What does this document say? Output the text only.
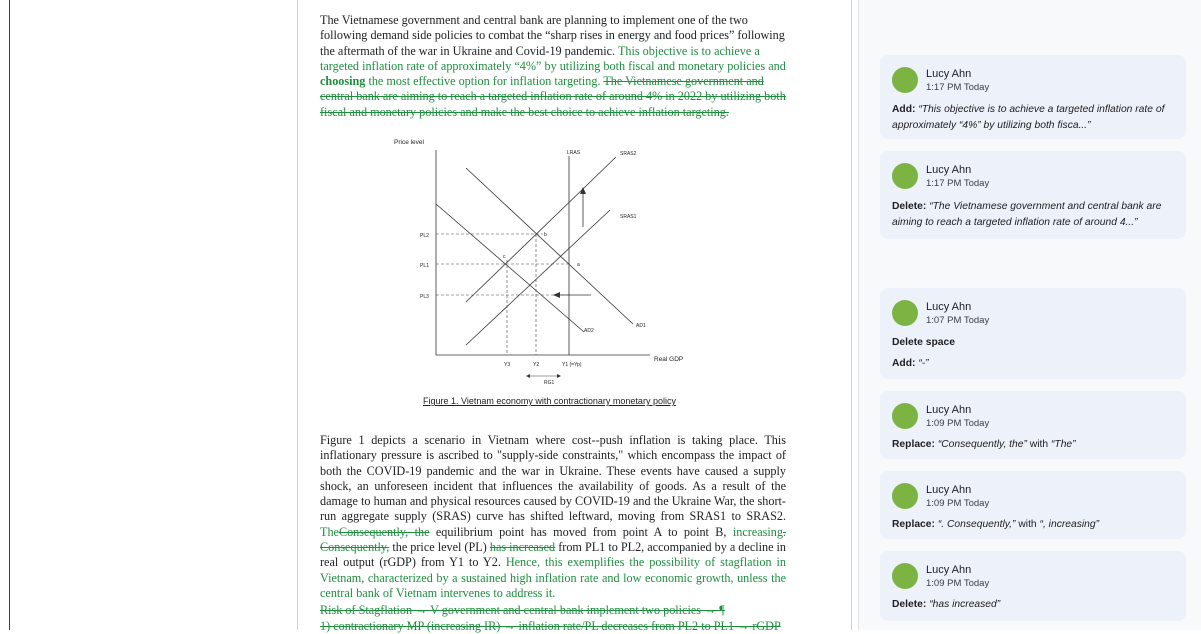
The Vietnamese government and central bank are planning to implement one of the two following demand side policies to combat the “sharp rises in energy and food prices” following the aftermath of the war in Ukraine and Covid-19 pandemic. This objective is to achieve a targeted inflation rate of approximately “4%” by utilizing both fiscal and monetary policies and choosing the most effective option for inflation targeting. The Vietnamese government and central bank are aiming to reach a targeted inflation rate of around 4% in 2022 by utilizing both fiscal and monetary policies and make the best choice to achieve inflation targeting.
Price level
Real GDP
LRAS	SRAS2
SRAS1
AD1
AD2
PL2
PL1
PL3
a
b
c
Y3	Y2	Y1 (=Yp)
RG1
Figure 1. Vietnam economy with contractionary monetary policy
Figure 1 depicts a scenario in Vietnam where cost--push inflation is taking place. This inflationary pressure is ascribed to "supply-side constraints," which encompass the impact of both the COVID-19 pandemic and the war in Ukraine. These events have caused a supply shock, an unforeseen incident that influences the availability of goods. As a result of the damage to human and physical resources caused by COVID-19 and the Ukraine War, the short-run aggregate supply (SRAS) curve has shifted leftward, moving from SRAS1 to SRAS2. TheConsequently, the equilibrium point has moved from point A to point B, increasing. Consequently, the price level (PL) has increased from PL1 to PL2, accompanied by a decline in real output (rGDP) from Y1 to Y2. Hence, this exemplifies the possibility of stagflation in Vietnam, characterized by a sustained high inflation rate and low economic growth, unless the central bank of Vietnam intervenes to address it.
Risk of Stagflation → V government and central bank implement two policies → ¶
1) contractionary MP (increasing IR) → inflation rate/PL decreases from PL2 to PL1 → rGDP
Lucy Ahn
1:17 PM Today
Add: “This objective is to achieve a targeted inflation rate of approximately “4%” by utilizing both fisca...”
Lucy Ahn
1:17 PM Today
Delete: “The Vietnamese government and central bank are aiming to reach a targeted inflation rate of around 4...”
Lucy Ahn
1:07 PM Today
Delete space
Add: “-”
Lucy Ahn
1:09 PM Today
Replace: “Consequently, the” with “The”
Lucy Ahn
1:09 PM Today
Replace: “. Consequently,” with “, increasing”
Lucy Ahn
1:09 PM Today
Delete: “has increased”
